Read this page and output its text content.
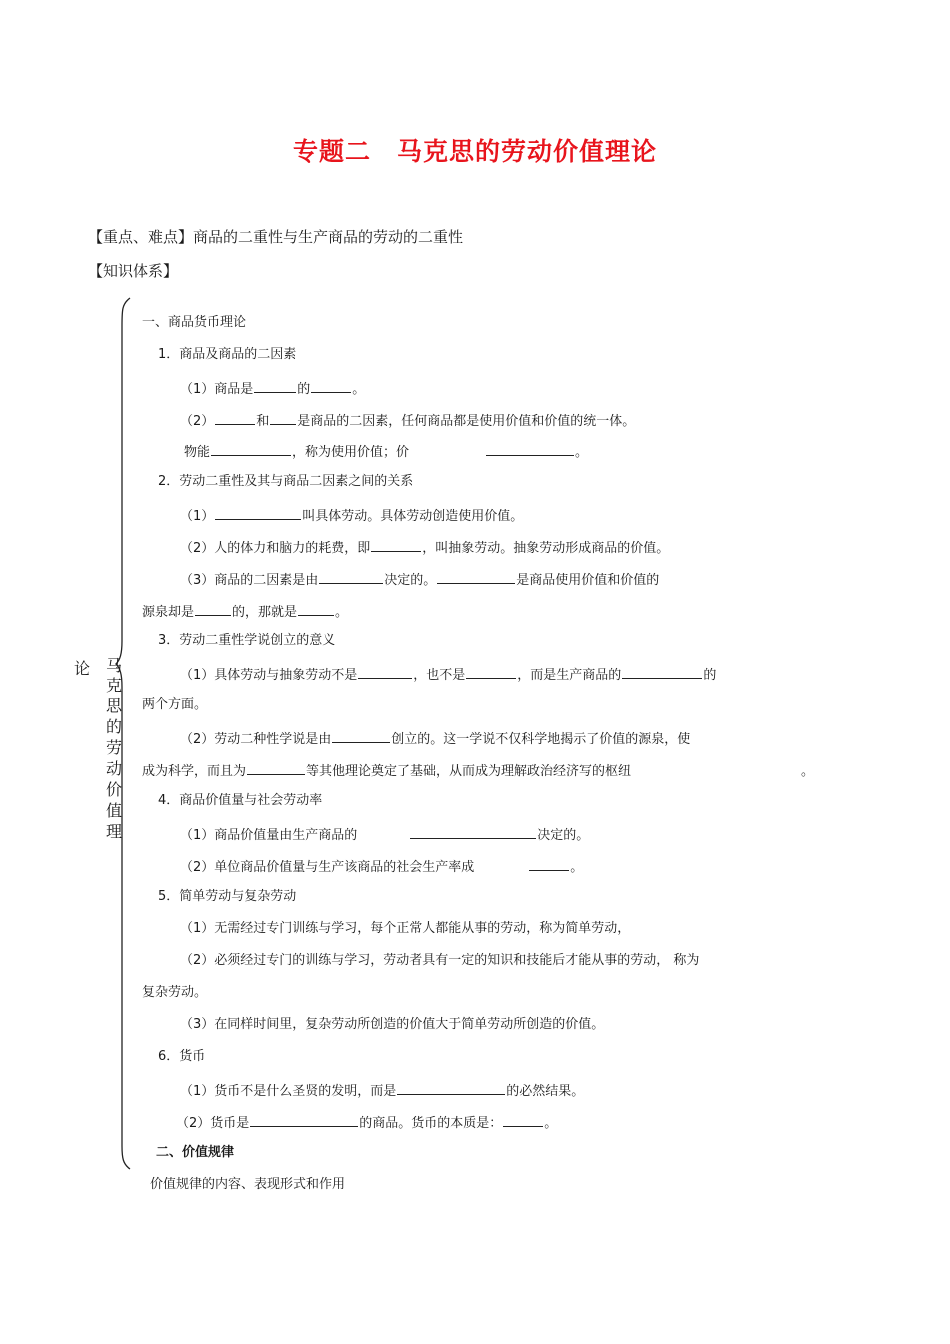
专题二　马克思的劳动价值理论
【重点、难点】商品的二重性与生产商品的劳动的二重性
【知识体系】
论 马
克
思
的
劳
动
价
值
理
一、商品货币理论
1．商品及商品的二因素
（1）商品是	的	。
（2）	和 是商品的二因素，任何商品都是使用价值和价值的统一体。
物能	，称为使用价值；价	。
2．劳动二重性及其与商品二因素之间的关系
（1）	叫具体劳动。具体劳动创造使用价值。
（2）人的体力和脑力的耗费，即	，叫抽象劳动。抽象劳动形成商品的价值。
（3）商品的二因素是由	决定的。	是商品使用价值和价值的
源泉却是	的，那就是	。
3．劳动二重性学说创立的意义
（1）具体劳动与抽象劳动不是	，也不是	，而是生产商品的	的
两个方面。
（2）劳动二种性学说是由	创立的。这一学说不仅科学地揭示了价值的源泉，使
成为科学，而且为	等其他理论奠定了基础，从而成为理解政治经济写的枢纽	。
4．商品价值量与社会劳动率
（1）商品价值量由生产商品的	决定的。
（2）单位商品价值量与生产该商品的社会生产率成	。
5．简单劳动与复杂劳动
（1）无需经过专门训练与学习，每个正常人都能从事的劳动，称为简单劳动，
（2）必须经过专门的训练与学习，劳动者具有一定的知识和技能后才能从事的劳动， 称为
复杂劳动。
（3）在同样时间里，复杂劳动所创造的价值大于简单劳动所创造的价值。
6．货币
（1）货币不是什么圣贤的发明，而是	的必然结果。
（2）货币是	的商品。货币的本质是：	。
二、价值规律
价值规律的内容、表现形式和作用
